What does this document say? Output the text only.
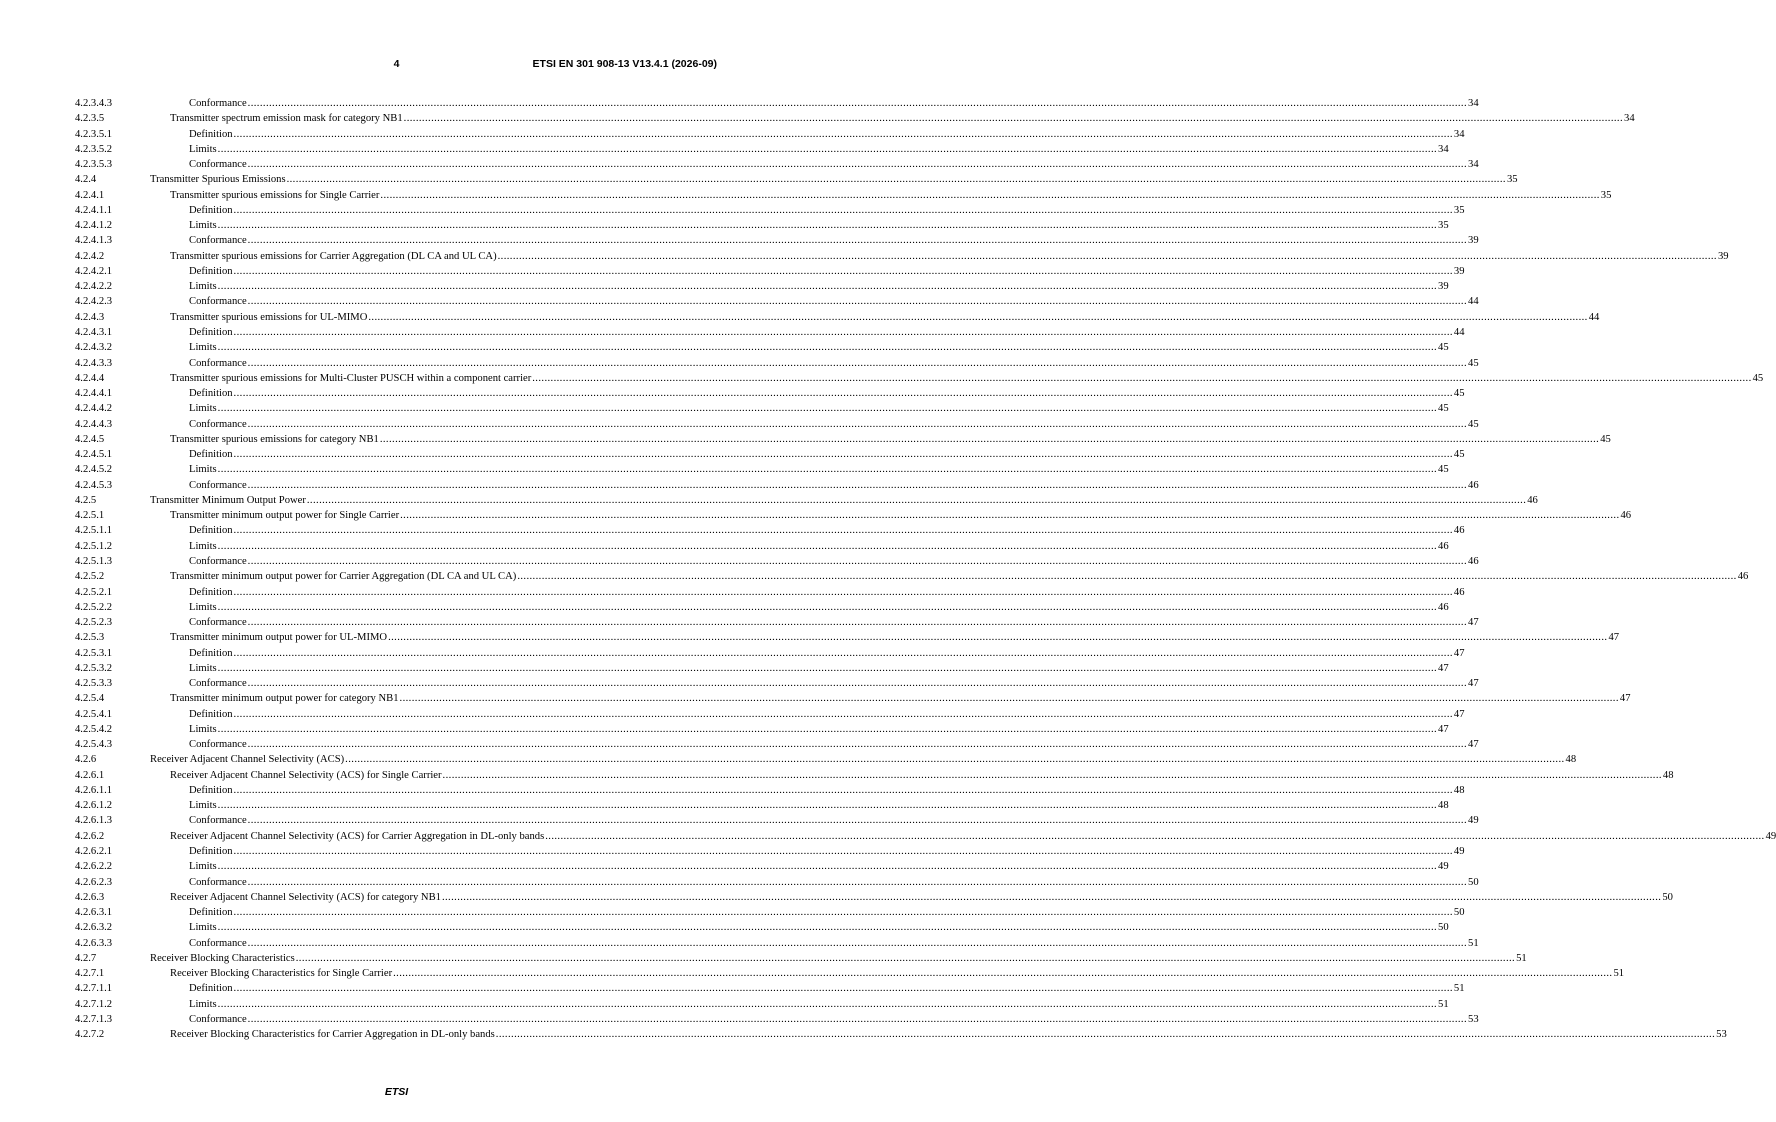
4	ETSI EN 301 908-13 V13.4.1 (2026-09)
4.2.3.4.3	Conformance ................................................................................................................................................................................................................................................................................................................................................................................................................ 34
4.2.3.5	Transmitter spectrum emission mask for category NB1 ................................................................................................................................................................................................................................................................................................................................................................................................................ 34
4.2.3.5.1	Definition ................................................................................................................................................................................................................................................................................................................................................................................................................ 34
4.2.3.5.2	Limits ................................................................................................................................................................................................................................................................................................................................................................................................................ 34
4.2.3.5.3	Conformance ................................................................................................................................................................................................................................................................................................................................................................................................................ 34
4.2.4	Transmitter Spurious Emissions ................................................................................................................................................................................................................................................................................................................................................................................................................ 35
4.2.4.1	Transmitter spurious emissions for Single Carrier ................................................................................................................................................................................................................................................................................................................................................................................................................ 35
4.2.4.1.1	Definition ................................................................................................................................................................................................................................................................................................................................................................................................................ 35
4.2.4.1.2	Limits ................................................................................................................................................................................................................................................................................................................................................................................................................ 35
4.2.4.1.3	Conformance ................................................................................................................................................................................................................................................................................................................................................................................................................ 39
4.2.4.2	Transmitter spurious emissions for Carrier Aggregation (DL CA and UL CA) ................................................................................................................................................................................................................................................................................................................................................................................................................ 39
4.2.4.2.1	Definition ................................................................................................................................................................................................................................................................................................................................................................................................................ 39
4.2.4.2.2	Limits ................................................................................................................................................................................................................................................................................................................................................................................................................ 39
4.2.4.2.3	Conformance ................................................................................................................................................................................................................................................................................................................................................................................................................ 44
4.2.4.3	Transmitter spurious emissions for UL-MIMO ................................................................................................................................................................................................................................................................................................................................................................................................................ 44
4.2.4.3.1	Definition ................................................................................................................................................................................................................................................................................................................................................................................................................ 44
4.2.4.3.2	Limits ................................................................................................................................................................................................................................................................................................................................................................................................................ 45
4.2.4.3.3	Conformance ................................................................................................................................................................................................................................................................................................................................................................................................................ 45
4.2.4.4	Transmitter spurious emissions for Multi-Cluster PUSCH within a component carrier ................................................................................................................................................................................................................................................................................................................................................................................................................ 45
4.2.4.4.1	Definition ................................................................................................................................................................................................................................................................................................................................................................................................................ 45
4.2.4.4.2	Limits ................................................................................................................................................................................................................................................................................................................................................................................................................ 45
4.2.4.4.3	Conformance ................................................................................................................................................................................................................................................................................................................................................................................................................ 45
4.2.4.5	Transmitter spurious emissions for category NB1 ................................................................................................................................................................................................................................................................................................................................................................................................................ 45
4.2.4.5.1	Definition ................................................................................................................................................................................................................................................................................................................................................................................................................ 45
4.2.4.5.2	Limits ................................................................................................................................................................................................................................................................................................................................................................................................................ 45
4.2.4.5.3	Conformance ................................................................................................................................................................................................................................................................................................................................................................................................................ 46
4.2.5	Transmitter Minimum Output Power ................................................................................................................................................................................................................................................................................................................................................................................................................ 46
4.2.5.1	Transmitter minimum output power for Single Carrier ................................................................................................................................................................................................................................................................................................................................................................................................................ 46
4.2.5.1.1	Definition ................................................................................................................................................................................................................................................................................................................................................................................................................ 46
4.2.5.1.2	Limits ................................................................................................................................................................................................................................................................................................................................................................................................................ 46
4.2.5.1.3	Conformance ................................................................................................................................................................................................................................................................................................................................................................................................................ 46
4.2.5.2	Transmitter minimum output power for Carrier Aggregation (DL CA and UL CA) ................................................................................................................................................................................................................................................................................................................................................................................................................ 46
4.2.5.2.1	Definition ................................................................................................................................................................................................................................................................................................................................................................................................................ 46
4.2.5.2.2	Limits ................................................................................................................................................................................................................................................................................................................................................................................................................ 46
4.2.5.2.3	Conformance ................................................................................................................................................................................................................................................................................................................................................................................................................ 47
4.2.5.3	Transmitter minimum output power for UL-MIMO ................................................................................................................................................................................................................................................................................................................................................................................................................ 47
4.2.5.3.1	Definition ................................................................................................................................................................................................................................................................................................................................................................................................................ 47
4.2.5.3.2	Limits ................................................................................................................................................................................................................................................................................................................................................................................................................ 47
4.2.5.3.3	Conformance ................................................................................................................................................................................................................................................................................................................................................................................................................ 47
4.2.5.4	Transmitter minimum output power for category NB1 ................................................................................................................................................................................................................................................................................................................................................................................................................ 47
4.2.5.4.1	Definition ................................................................................................................................................................................................................................................................................................................................................................................................................ 47
4.2.5.4.2	Limits ................................................................................................................................................................................................................................................................................................................................................................................................................ 47
4.2.5.4.3	Conformance ................................................................................................................................................................................................................................................................................................................................................................................................................ 47
4.2.6	Receiver Adjacent Channel Selectivity (ACS) ................................................................................................................................................................................................................................................................................................................................................................................................................ 48
4.2.6.1	Receiver Adjacent Channel Selectivity (ACS) for Single Carrier ................................................................................................................................................................................................................................................................................................................................................................................................................ 48
4.2.6.1.1	Definition ................................................................................................................................................................................................................................................................................................................................................................................................................ 48
4.2.6.1.2	Limits ................................................................................................................................................................................................................................................................................................................................................................................................................ 48
4.2.6.1.3	Conformance ................................................................................................................................................................................................................................................................................................................................................................................................................ 49
4.2.6.2	Receiver Adjacent Channel Selectivity (ACS) for Carrier Aggregation in DL-only bands ................................................................................................................................................................................................................................................................................................................................................................................................................ 49
4.2.6.2.1	Definition ................................................................................................................................................................................................................................................................................................................................................................................................................ 49
4.2.6.2.2	Limits ................................................................................................................................................................................................................................................................................................................................................................................................................ 49
4.2.6.2.3	Conformance ................................................................................................................................................................................................................................................................................................................................................................................................................ 50
4.2.6.3	Receiver Adjacent Channel Selectivity (ACS) for category NB1 ................................................................................................................................................................................................................................................................................................................................................................................................................ 50
4.2.6.3.1	Definition ................................................................................................................................................................................................................................................................................................................................................................................................................ 50
4.2.6.3.2	Limits ................................................................................................................................................................................................................................................................................................................................................................................................................ 50
4.2.6.3.3	Conformance ................................................................................................................................................................................................................................................................................................................................................................................................................ 51
4.2.7	Receiver Blocking Characteristics ................................................................................................................................................................................................................................................................................................................................................................................................................ 51
4.2.7.1	Receiver Blocking Characteristics for Single Carrier ................................................................................................................................................................................................................................................................................................................................................................................................................ 51
4.2.7.1.1	Definition ................................................................................................................................................................................................................................................................................................................................................................................................................ 51
4.2.7.1.2	Limits ................................................................................................................................................................................................................................................................................................................................................................................................................ 51
4.2.7.1.3	Conformance ................................................................................................................................................................................................................................................................................................................................................................................................................ 53
4.2.7.2	Receiver Blocking Characteristics for Carrier Aggregation in DL-only bands ................................................................................................................................................................................................................................................................................................................................................................................................................ 53
ETSI
